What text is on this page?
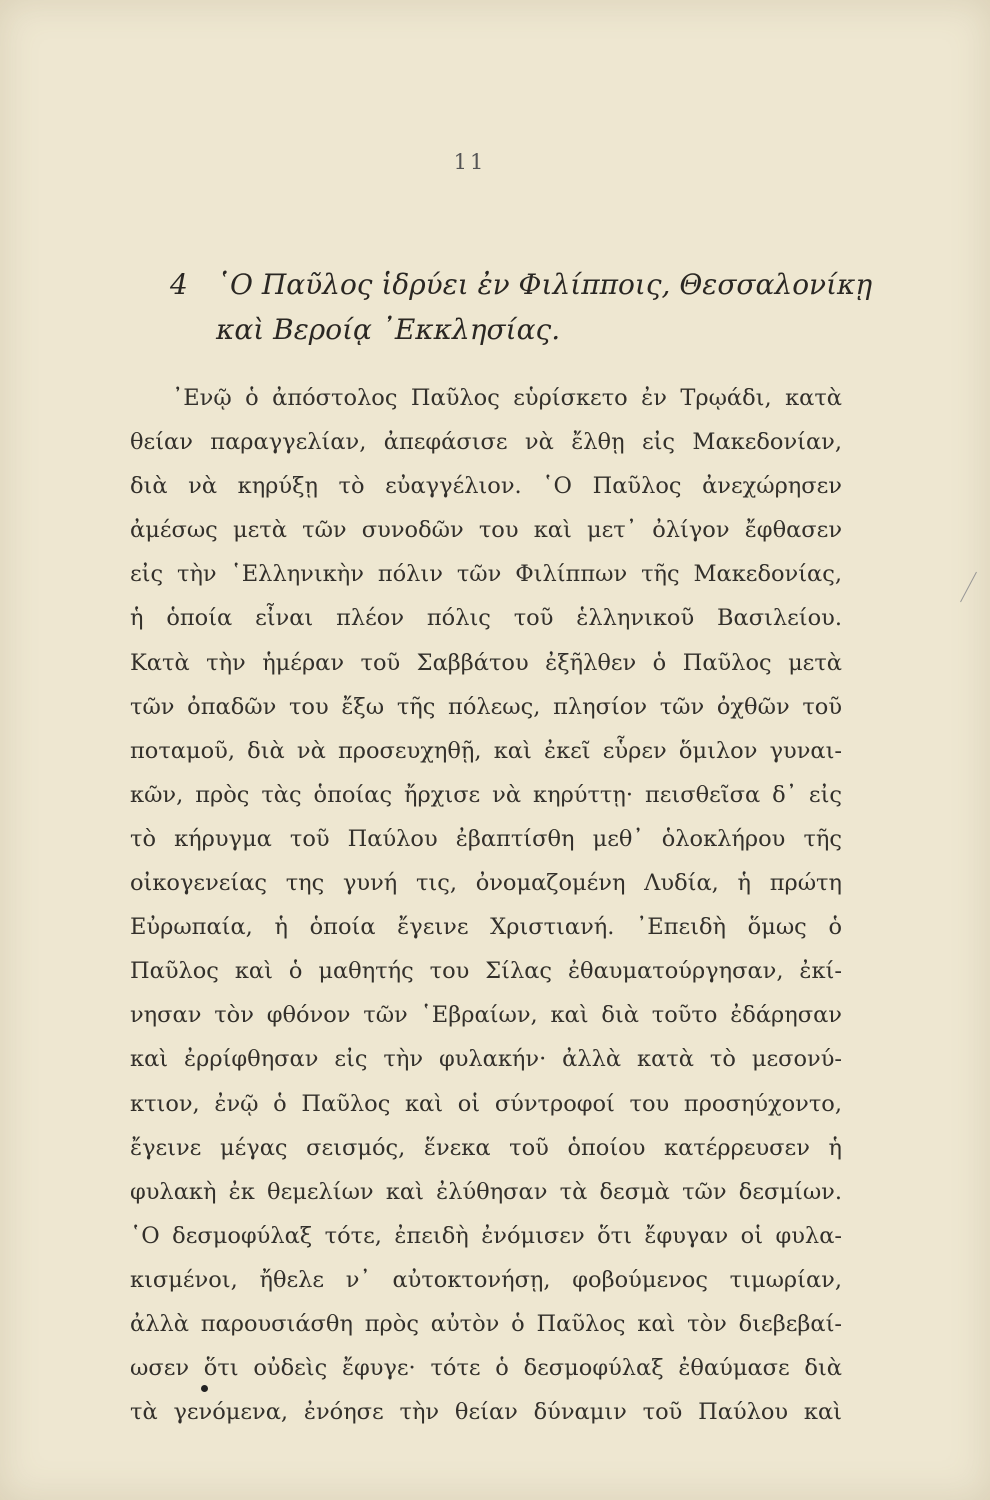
11
4 ῾Ο Παῦλος ἱδρύει ἐν Φιλίπποις, Θεσσαλονίκῃ
καὶ Βεροίᾳ ᾿Εκκλησίας.
᾿Ενῷ ὁ ἀπόστολος Παῦλος εὑρίσκετο ἐν Τρῳάδι, κατὰ
θείαν παραγγελίαν, ἀπεφάσισε νὰ ἔλθῃ εἰς Μακεδονίαν,
διὰ νὰ κηρύξῃ τὸ εὐαγγέλιον. ῾Ο Παῦλος ἀνεχώρησεν
ἀμέσως μετὰ τῶν συνοδῶν του καὶ μετ᾿ ὀλίγον ἔφθασεν
εἰς τὴν ῾Ελληνικὴν πόλιν τῶν Φιλίππων τῆς Μακεδονίας,
ἡ ὁποία εἶναι πλέον πόλις τοῦ ἑλληνικοῦ Βασιλείου.
Κατὰ τὴν ἡμέραν τοῦ Σαββάτου ἐξῆλθεν ὁ Παῦλος μετὰ
τῶν ὀπαδῶν του ἔξω τῆς πόλεως, πλησίον τῶν ὀχθῶν τοῦ
ποταμοῦ, διὰ νὰ προσευχηθῇ, καὶ ἐκεῖ εὗρεν ὅμιλον γυναι-
κῶν, πρὸς τὰς ὁποίας ἤρχισε νὰ κηρύττῃ· πεισθεῖσα δ᾿ εἰς
τὸ κήρυγμα τοῦ Παύλου ἐβαπτίσθη μεθ᾿ ὁλοκλήρου τῆς
οἰκογενείας της γυνή τις, ὀνομαζομένη Λυδία, ἡ πρώτη
Εὐρωπαία, ἡ ὁποία ἔγεινε Χριστιανή. ᾿Επειδὴ ὅμως ὁ
Παῦλος καὶ ὁ μαθητής του Σίλας ἐθαυματούργησαν, ἐκί-
νησαν τὸν φθόνον τῶν ῾Εβραίων, καὶ διὰ τοῦτο ἐδάρησαν
καὶ ἐρρίφθησαν εἰς τὴν φυλακήν· ἀλλὰ κατὰ τὸ μεσονύ-
κτιον, ἐνῷ ὁ Παῦλος καὶ οἱ σύντροφοί του προσηύχοντο,
ἔγεινε μέγας σεισμός, ἕνεκα τοῦ ὁποίου κατέρρευσεν ἡ
φυλακὴ ἐκ θεμελίων καὶ ἐλύθησαν τὰ δεσμὰ τῶν δεσμίων.
῾Ο δεσμοφύλαξ τότε, ἐπειδὴ ἐνόμισεν ὅτι ἔφυγαν οἱ φυλα-
κισμένοι, ἤθελε ν᾿ αὐτοκτονήσῃ, φοβούμενος τιμωρίαν,
ἀλλὰ παρουσιάσθη πρὸς αὐτὸν ὁ Παῦλος καὶ τὸν διεβεβαί-
ωσεν ὅτι οὐδεὶς ἔφυγε· τότε ὁ δεσμοφύλαξ ἐθαύμασε διὰ
τὰ γενόμενα, ἐνόησε τὴν θείαν δύναμιν τοῦ Παύλου καὶ
